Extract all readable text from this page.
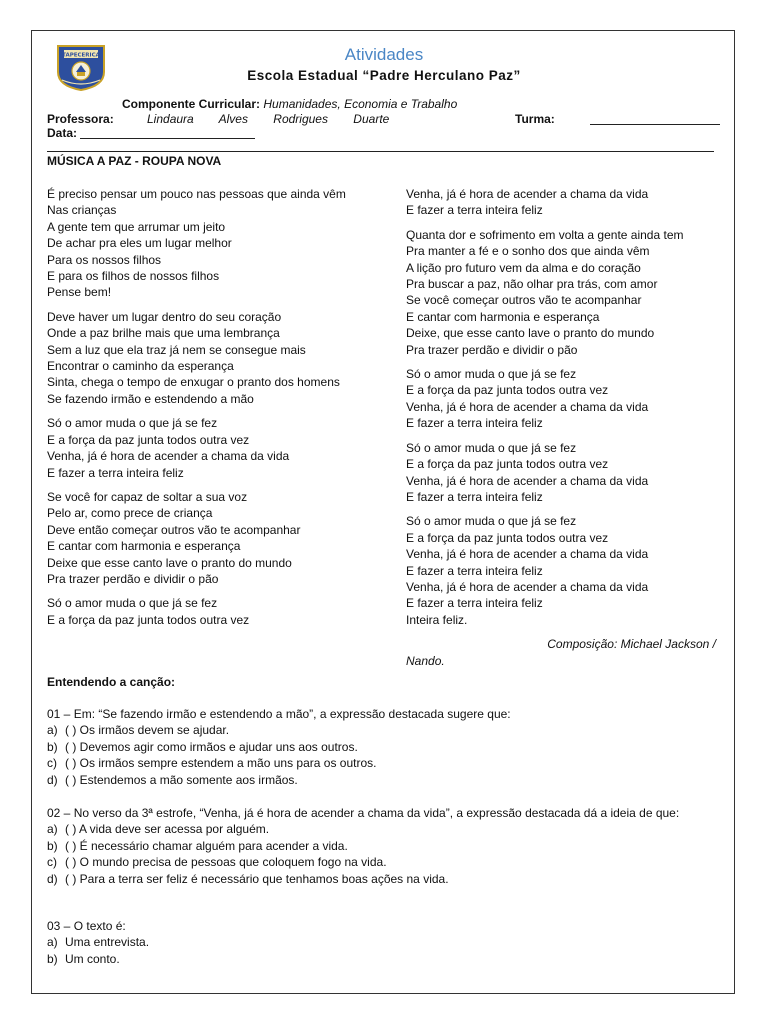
TAPECERICA	Atividades
Escola Estadual “Padre Herculano Paz”
Componente Curricular: Humanidades, Economia e Trabalho
Professora:	Lindaura Alves Rodrigues Duarte	Turma:
Data:
MÚSICA A PAZ - ROUPA NOVA
É preciso pensar um pouco nas pessoas que ainda vêm
Nas crianças
A gente tem que arrumar um jeito
De achar pra eles um lugar melhor
Para os nossos filhos
E para os filhos de nossos filhos
Pense bem!
Deve haver um lugar dentro do seu coração
Onde a paz brilhe mais que uma lembrança
Sem a luz que ela traz já nem se consegue mais
Encontrar o caminho da esperança
Sinta, chega o tempo de enxugar o pranto dos homens
Se fazendo irmão e estendendo a mão
Só o amor muda o que já se fez
E a força da paz junta todos outra vez
Venha, já é hora de acender a chama da vida
E fazer a terra inteira feliz
Se você for capaz de soltar a sua voz
Pelo ar, como prece de criança
Deve então começar outros vão te acompanhar
E cantar com harmonia e esperança
Deixe que esse canto lave o pranto do mundo
Pra trazer perdão e dividir o pão
Só o amor muda o que já se fez
E a força da paz junta todos outra vez
Venha, já é hora de acender a chama da vida
E fazer a terra inteira feliz
Quanta dor e sofrimento em volta a gente ainda tem
Pra manter a fé e o sonho dos que ainda vêm
A lição pro futuro vem da alma e do coração
Pra buscar a paz, não olhar pra trás, com amor
Se você começar outros vão te acompanhar
E cantar com harmonia e esperança
Deixe, que esse canto lave o pranto do mundo
Pra trazer perdão e dividir o pão
Só o amor muda o que já se fez
E a força da paz junta todos outra vez
Venha, já é hora de acender a chama da vida
E fazer a terra inteira feliz
Só o amor muda o que já se fez
E a força da paz junta todos outra vez
Venha, já é hora de acender a chama da vida
E fazer a terra inteira feliz
Só o amor muda o que já se fez
E a força da paz junta todos outra vez
Venha, já é hora de acender a chama da vida
E fazer a terra inteira feliz
Venha, já é hora de acender a chama da vida
E fazer a terra inteira feliz
Inteira feliz.
Composição: Michael Jackson /
Nando.
Entendendo a canção:
01 – Em: “Se fazendo irmão e estendendo a mão”, a expressão destacada sugere que:
a) ( ) Os irmãos devem se ajudar.
b) ( ) Devemos agir como irmãos e ajudar uns aos outros.
c) ( ) Os irmãos sempre estendem a mão uns para os outros.
d) ( ) Estendemos a mão somente aos irmãos.
02 – No verso da 3ª estrofe, “Venha, já é hora de acender a chama da vida”, a expressão destacada dá a ideia de que:
a) ( ) A vida deve ser acessa por alguém.
b) ( ) É necessário chamar alguém para acender a vida.
c) ( ) O mundo precisa de pessoas que coloquem fogo na vida.
d) ( ) Para a terra ser feliz é necessário que tenhamos boas ações na vida.
03 – O texto é:
a) Uma entrevista.
b) Um conto.
